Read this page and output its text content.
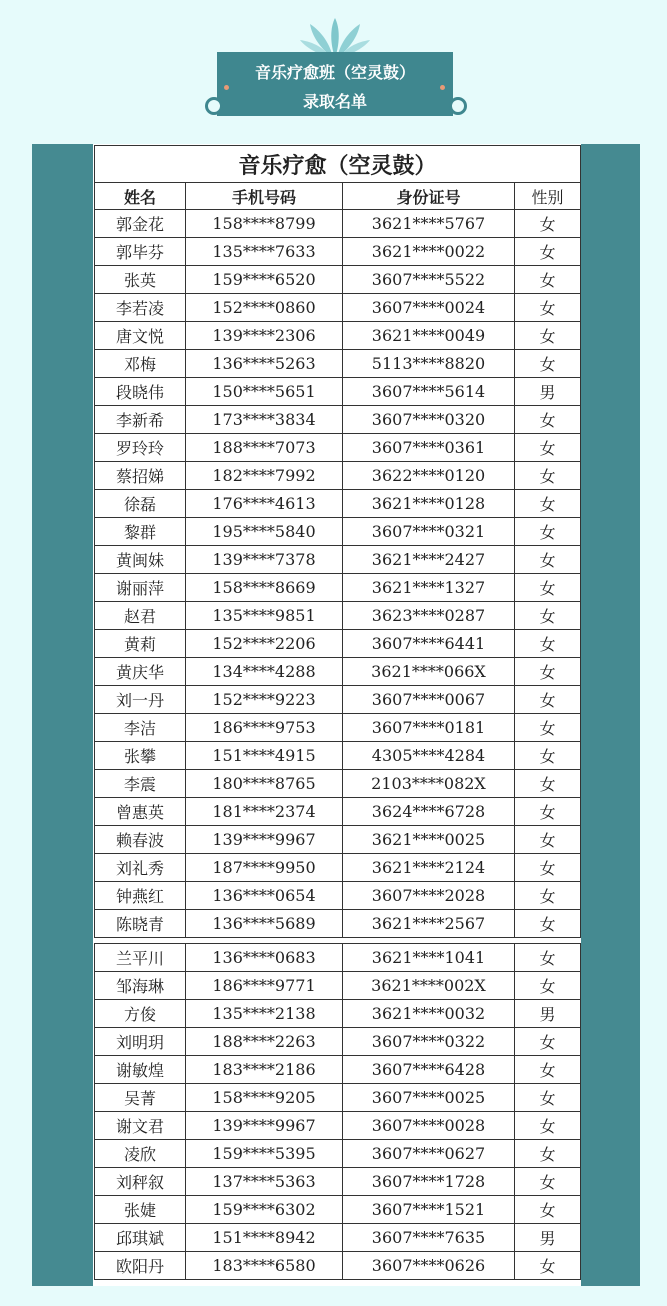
音乐疗愈班（空灵鼓）
录取名单
音乐疗愈（空灵鼓）			
姓名	手机号码	身份证号	性别
郭金花	158****8799	3621****5767	女
郭毕芬	135****7633	3621****0022	女
张英	159****6520	3607****5522	女
李若凌	152****0860	3607****0024	女
唐文悦	139****2306	3621****0049	女
邓梅	136****5263	5113****8820	女
段晓伟	150****5651	3607****5614	男
李新希	173****3834	3607****0320	女
罗玲玲	188****7073	3607****0361	女
蔡招娣	182****7992	3622****0120	女
徐磊	176****4613	3621****0128	女
黎群	195****5840	3607****0321	女
黄闽妹	139****7378	3621****2427	女
谢丽萍	158****8669	3621****1327	女
赵君	135****9851	3623****0287	女
黄莉	152****2206	3607****6441	女
黄庆华	134****4288	3621****066X	女
刘一丹	152****9223	3607****0067	女
李洁	186****9753	3607****0181	女
张攀	151****4915	4305****4284	女
李震	180****8765	2103****082X	女
曾惠英	181****2374	3624****6728	女
赖春波	139****9967	3621****0025	女
刘礼秀	187****9950	3621****2124	女
钟燕红	136****0654	3607****2028	女
陈晓青	136****5689	3621****2567	女
兰平川	136****0683	3621****1041	女
邹海琳	186****9771	3621****002X	女
方俊	135****2138	3621****0032	男
刘明玥	188****2263	3607****0322	女
谢敏煌	183****2186	3607****6428	女
吴菁	158****9205	3607****0025	女
谢文君	139****9967	3607****0028	女
凌欣	159****5395	3607****0627	女
刘秤叙	137****5363	3607****1728	女
张婕	159****6302	3607****1521	女
邱琪斌	151****8942	3607****7635	男
欧阳丹	183****6580	3607****0626	女
